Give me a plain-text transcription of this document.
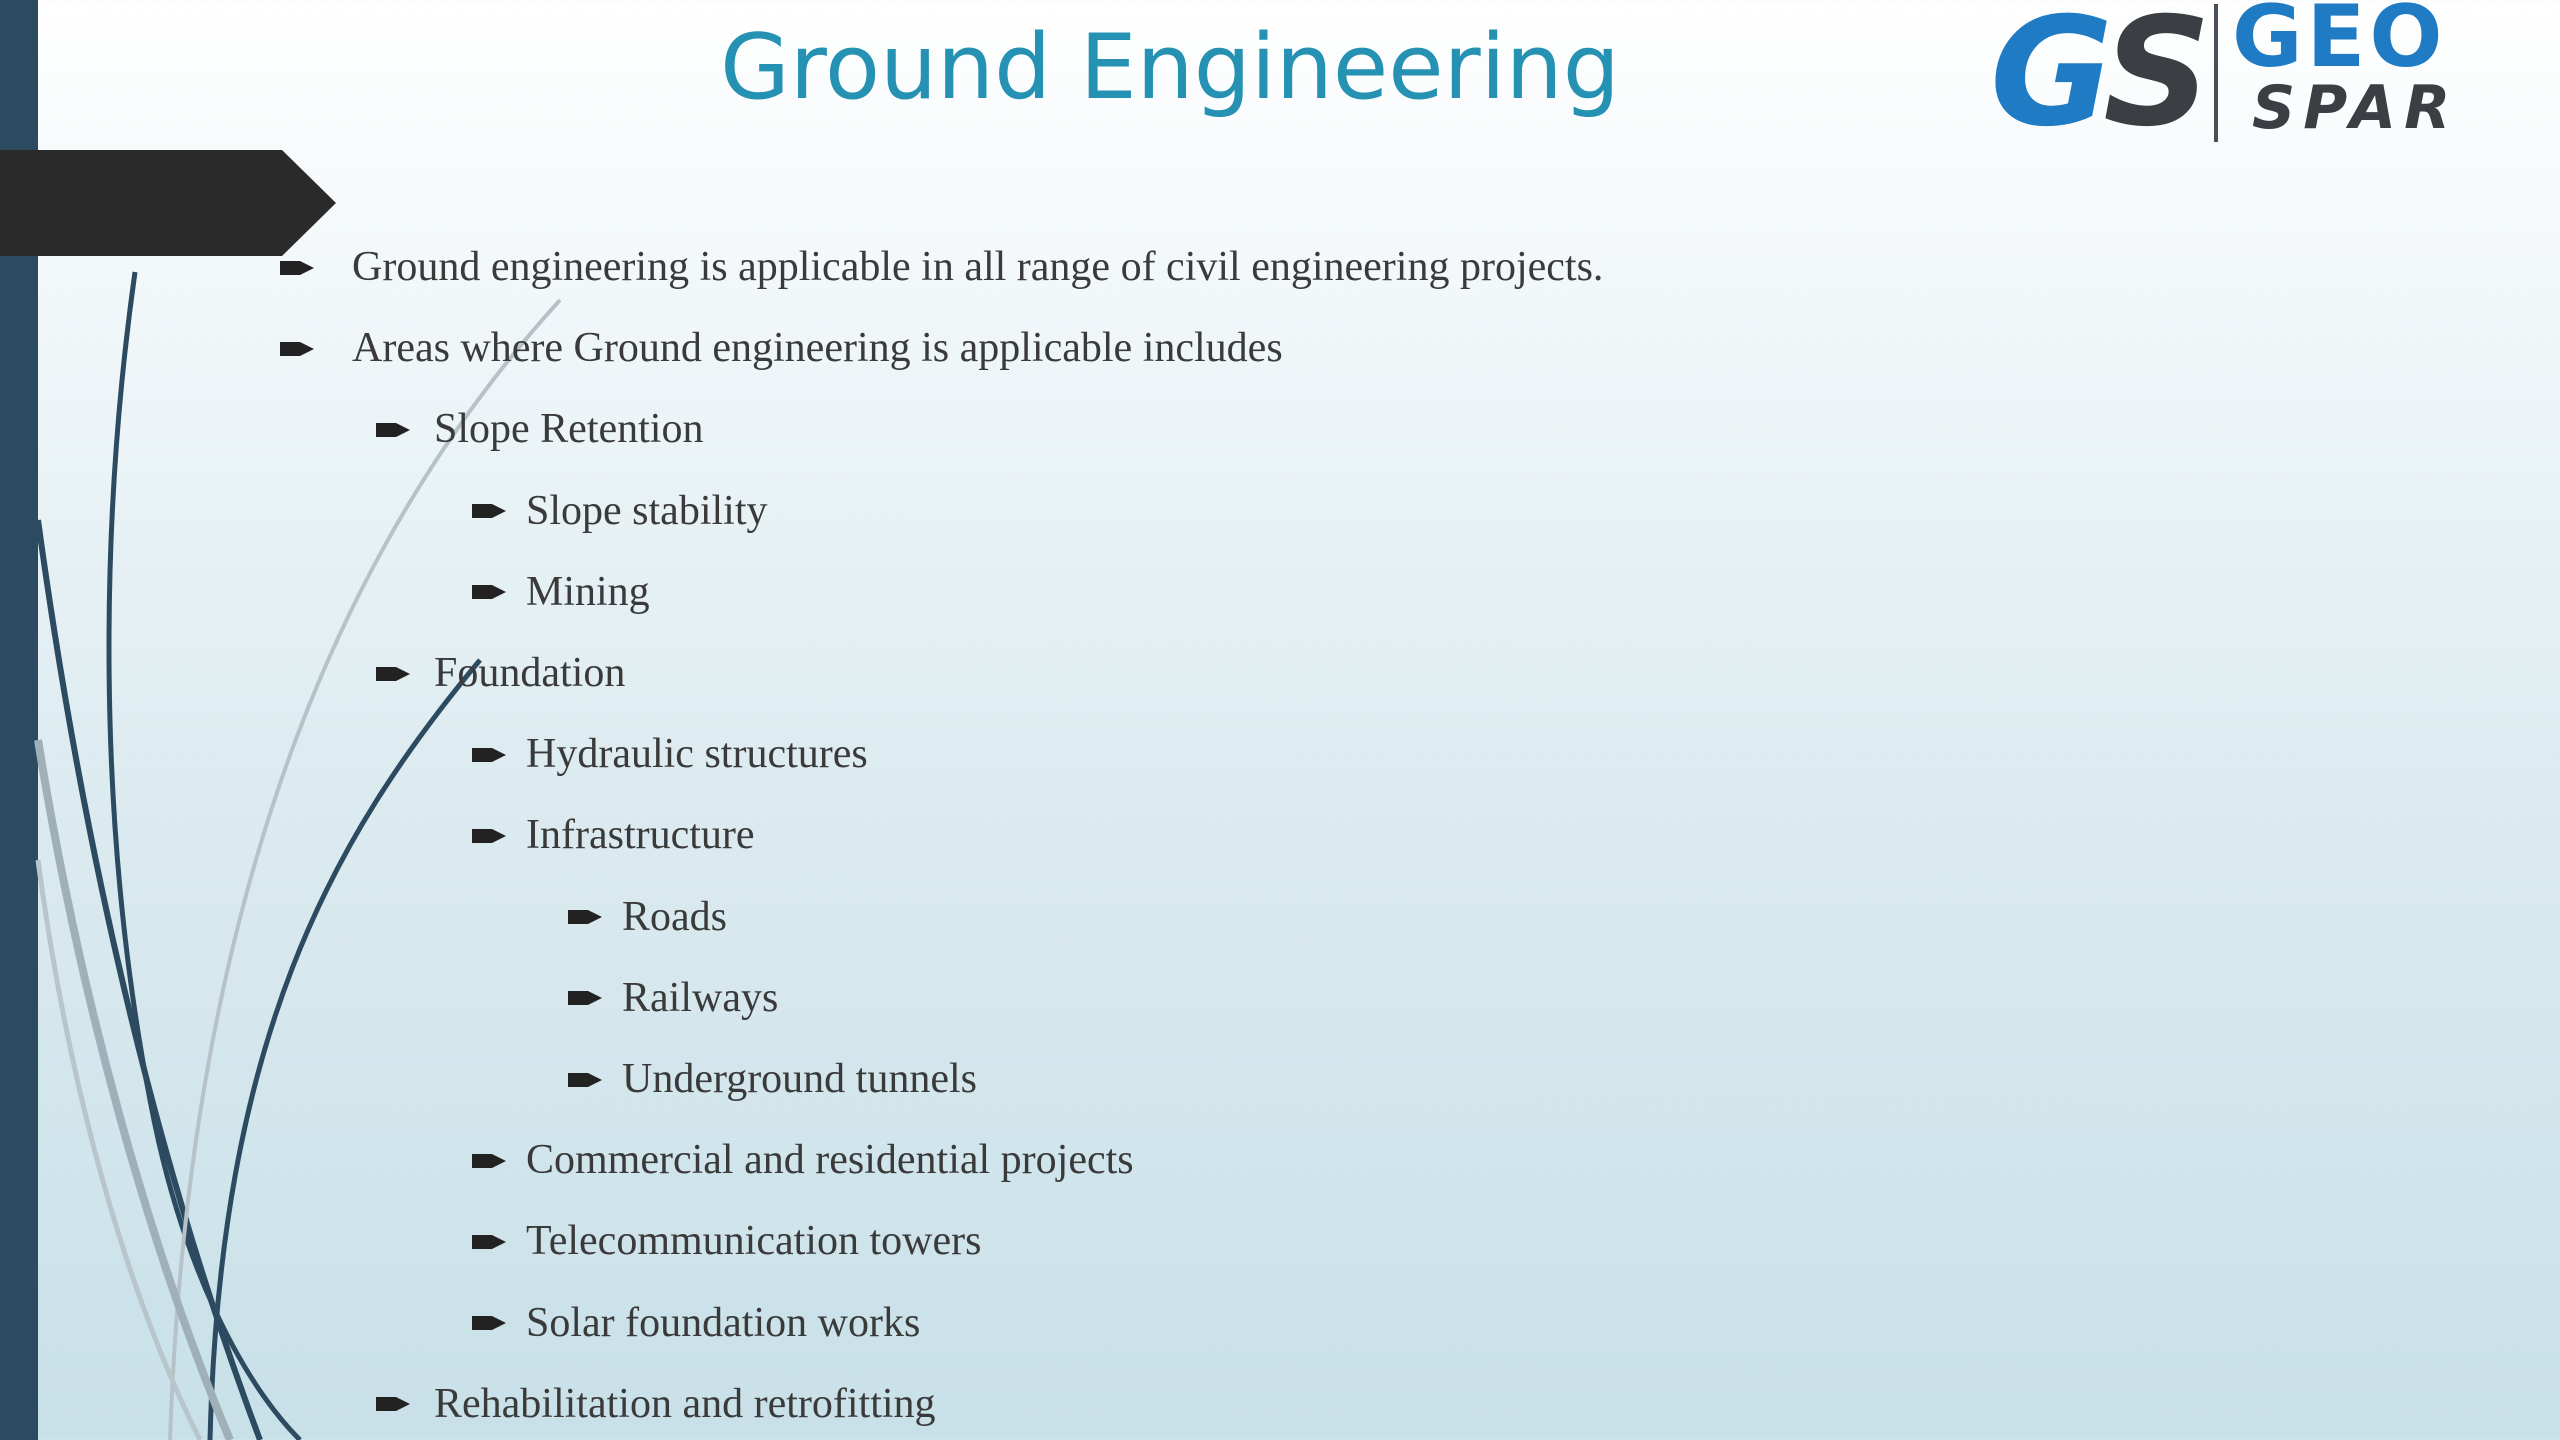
Ground Engineering	GS GEO
SPAR
Ground engineering is applicable in all range of civil engineering projects.
Areas where Ground engineering is applicable includes
Slope Retention
Slope stability
Mining
Foundation
Hydraulic structures
Infrastructure
Roads
Railways
Underground tunnels
Commercial and residential projects
Telecommunication towers
Solar foundation works
Rehabilitation and retrofitting
